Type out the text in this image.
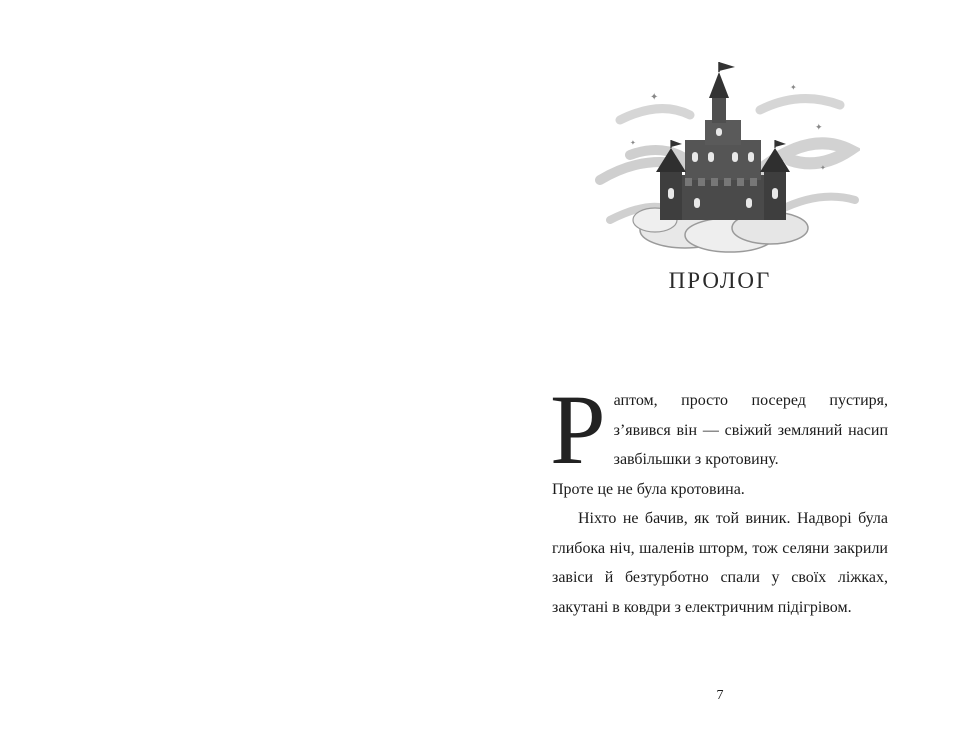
✦
✦
✦
✦
✦
ПРОЛОГ

Раптом, просто посеред пустиря, з’явився він — свіжий земляний насип завбільшки з кротовину.

Проте це не була кротовина.

Ніхто не бачив, як той виник. Надворі була глибока ніч, шаленів шторм, тож селяни закрили завіси й безтурботно спали у своїх ліжках, закутані в ковдри з електричним підігрівом.

7
